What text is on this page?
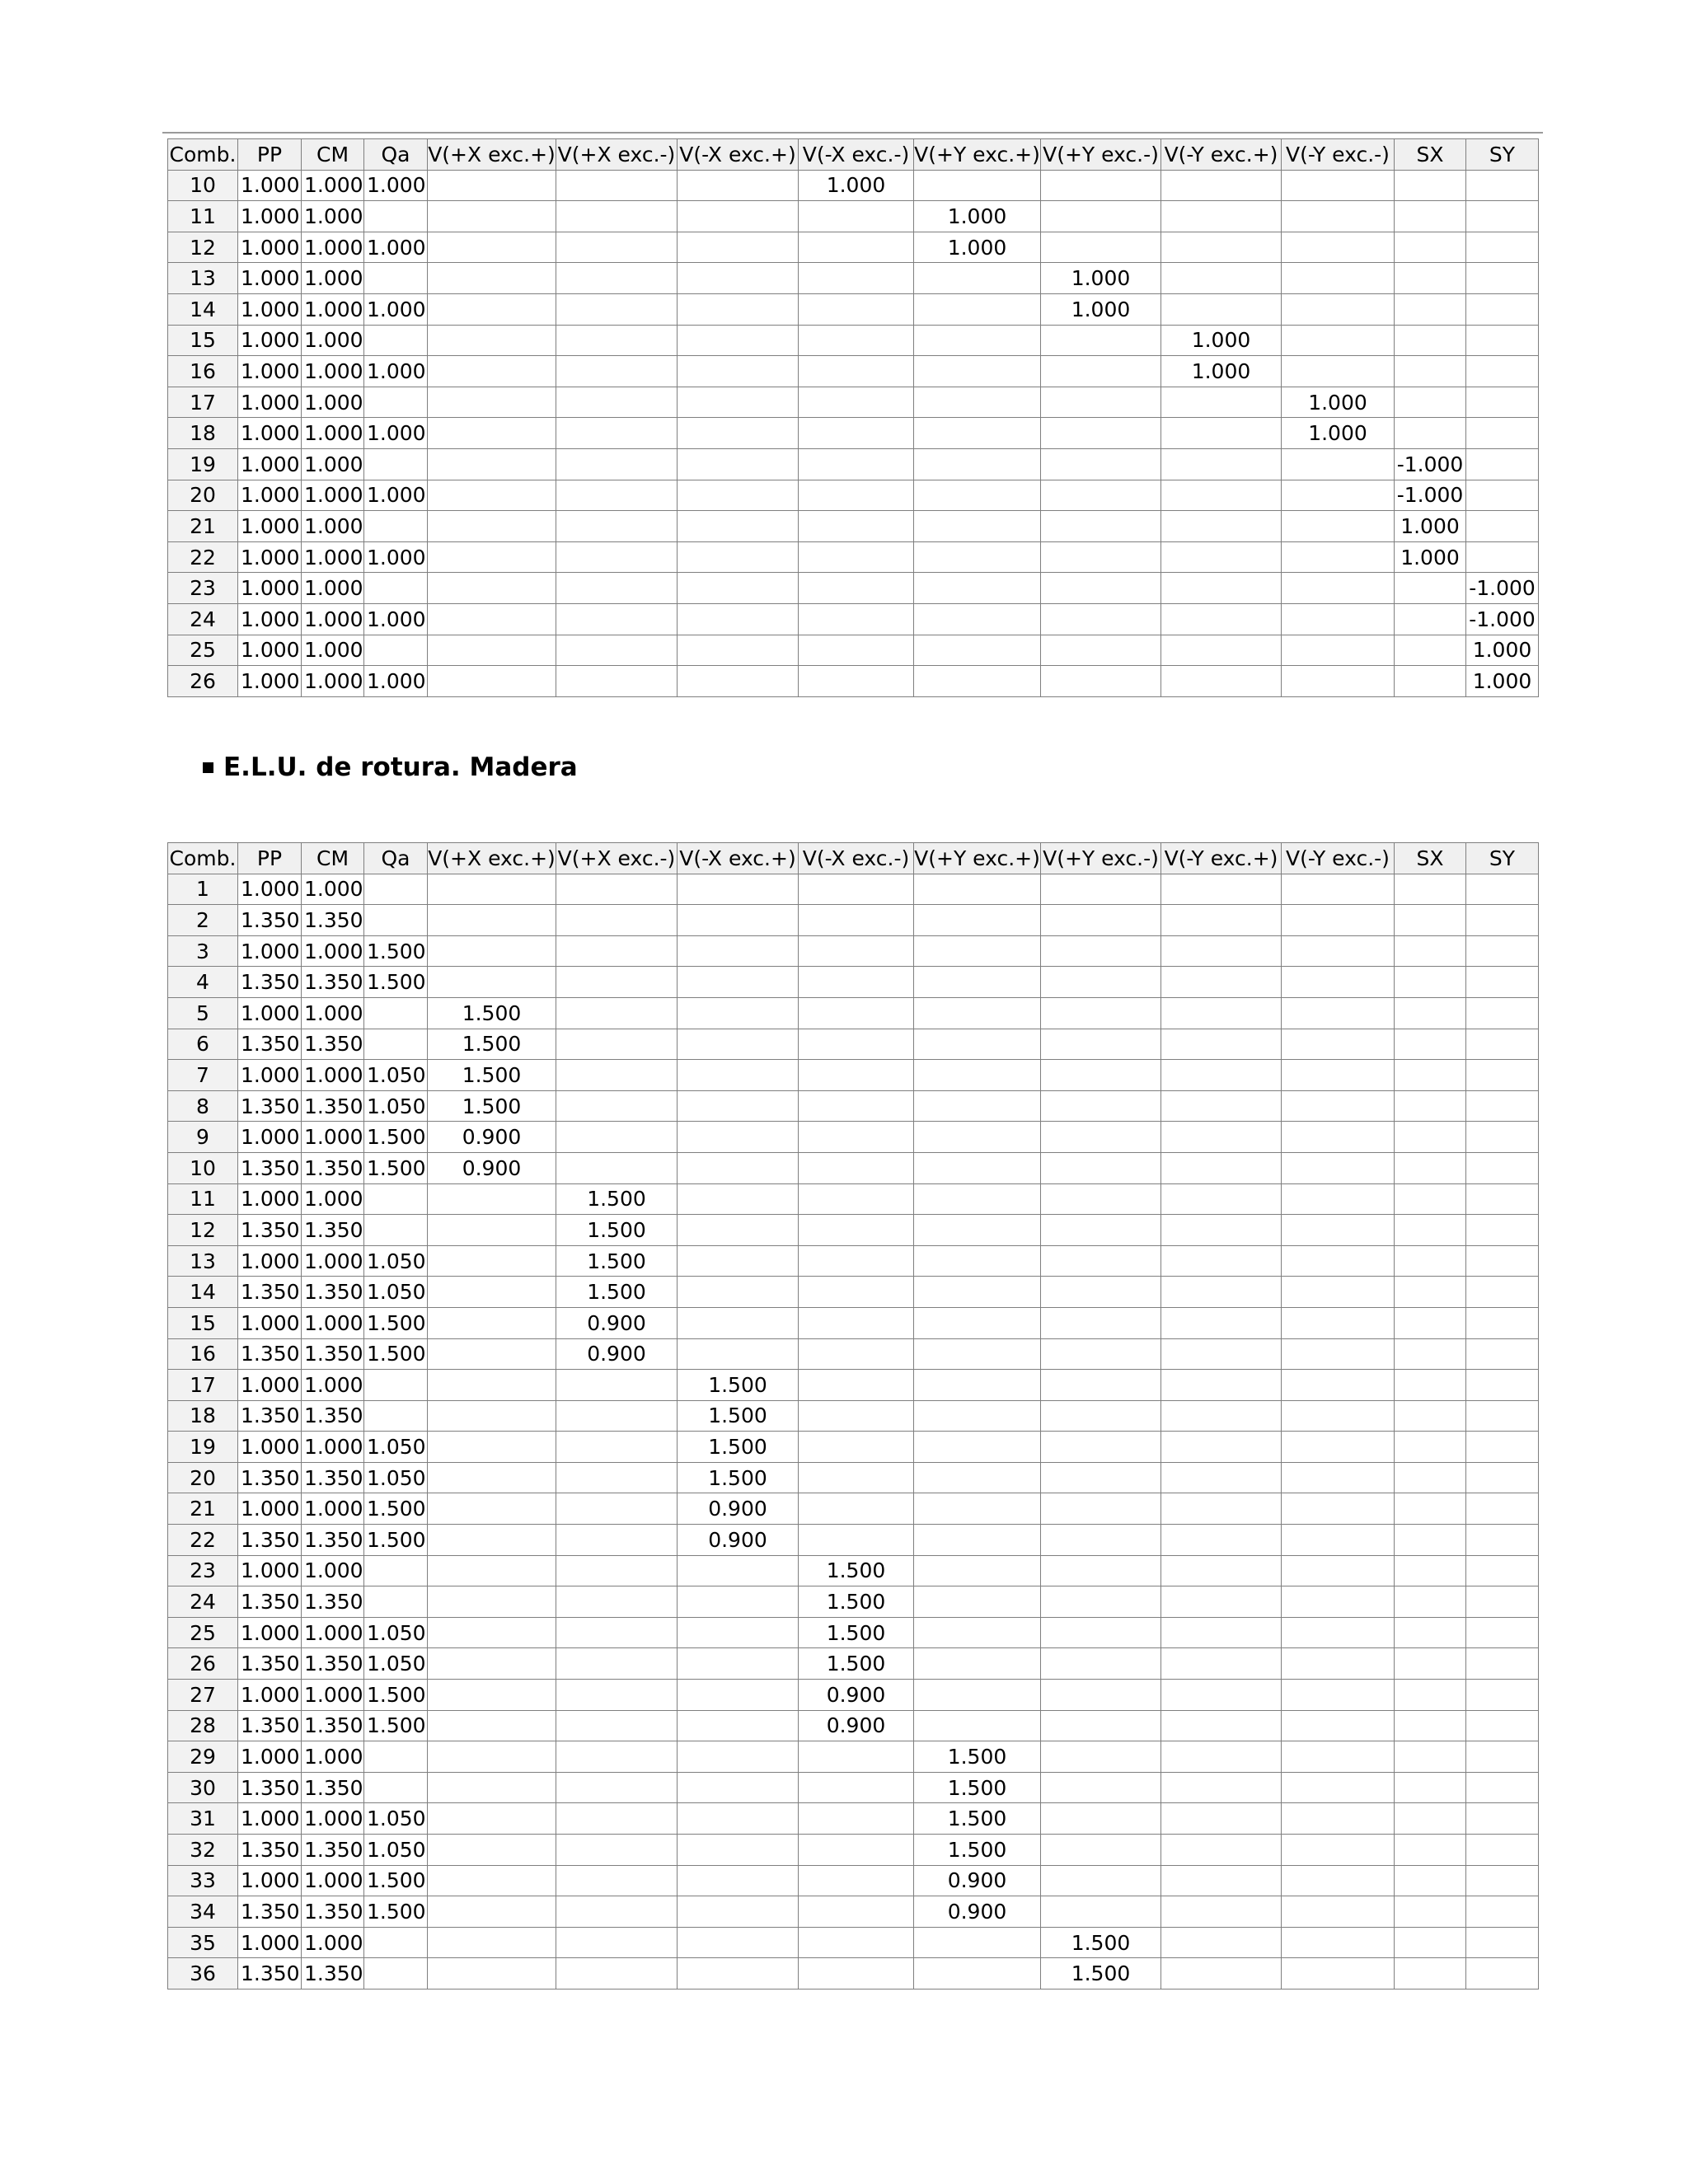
Comb.	PP	CM	Qa	V(+X exc.+)	V(+X exc.-)	V(-X exc.+)	V(-X exc.-)	V(+Y exc.+)	V(+Y exc.-)	V(-Y exc.+)	V(-Y exc.-)	SX	SY
10	1.000	1.000	1.000				1.000						
11	1.000	1.000						1.000					
12	1.000	1.000	1.000					1.000					
13	1.000	1.000							1.000				
14	1.000	1.000	1.000						1.000				
15	1.000	1.000								1.000			
16	1.000	1.000	1.000							1.000			
17	1.000	1.000									1.000		
18	1.000	1.000	1.000								1.000		
19	1.000	1.000										-1.000	
20	1.000	1.000	1.000									-1.000	
21	1.000	1.000										1.000	
22	1.000	1.000	1.000									1.000	
23	1.000	1.000											-1.000
24	1.000	1.000	1.000										-1.000
25	1.000	1.000											1.000
26	1.000	1.000	1.000										1.000
E.L.U. de rotura. Madera
Comb.	PP	CM	Qa	V(+X exc.+)	V(+X exc.-)	V(-X exc.+)	V(-X exc.-)	V(+Y exc.+)	V(+Y exc.-)	V(-Y exc.+)	V(-Y exc.-)	SX	SY
1	1.000	1.000											
2	1.350	1.350											
3	1.000	1.000	1.500										
4	1.350	1.350	1.500										
5	1.000	1.000		1.500									
6	1.350	1.350		1.500									
7	1.000	1.000	1.050	1.500									
8	1.350	1.350	1.050	1.500									
9	1.000	1.000	1.500	0.900									
10	1.350	1.350	1.500	0.900									
11	1.000	1.000			1.500								
12	1.350	1.350			1.500								
13	1.000	1.000	1.050		1.500								
14	1.350	1.350	1.050		1.500								
15	1.000	1.000	1.500		0.900								
16	1.350	1.350	1.500		0.900								
17	1.000	1.000				1.500							
18	1.350	1.350				1.500							
19	1.000	1.000	1.050			1.500							
20	1.350	1.350	1.050			1.500							
21	1.000	1.000	1.500			0.900							
22	1.350	1.350	1.500			0.900							
23	1.000	1.000					1.500						
24	1.350	1.350					1.500						
25	1.000	1.000	1.050				1.500						
26	1.350	1.350	1.050				1.500						
27	1.000	1.000	1.500				0.900						
28	1.350	1.350	1.500				0.900						
29	1.000	1.000						1.500					
30	1.350	1.350						1.500					
31	1.000	1.000	1.050					1.500					
32	1.350	1.350	1.050					1.500					
33	1.000	1.000	1.500					0.900					
34	1.350	1.350	1.500					0.900					
35	1.000	1.000							1.500				
36	1.350	1.350							1.500				
